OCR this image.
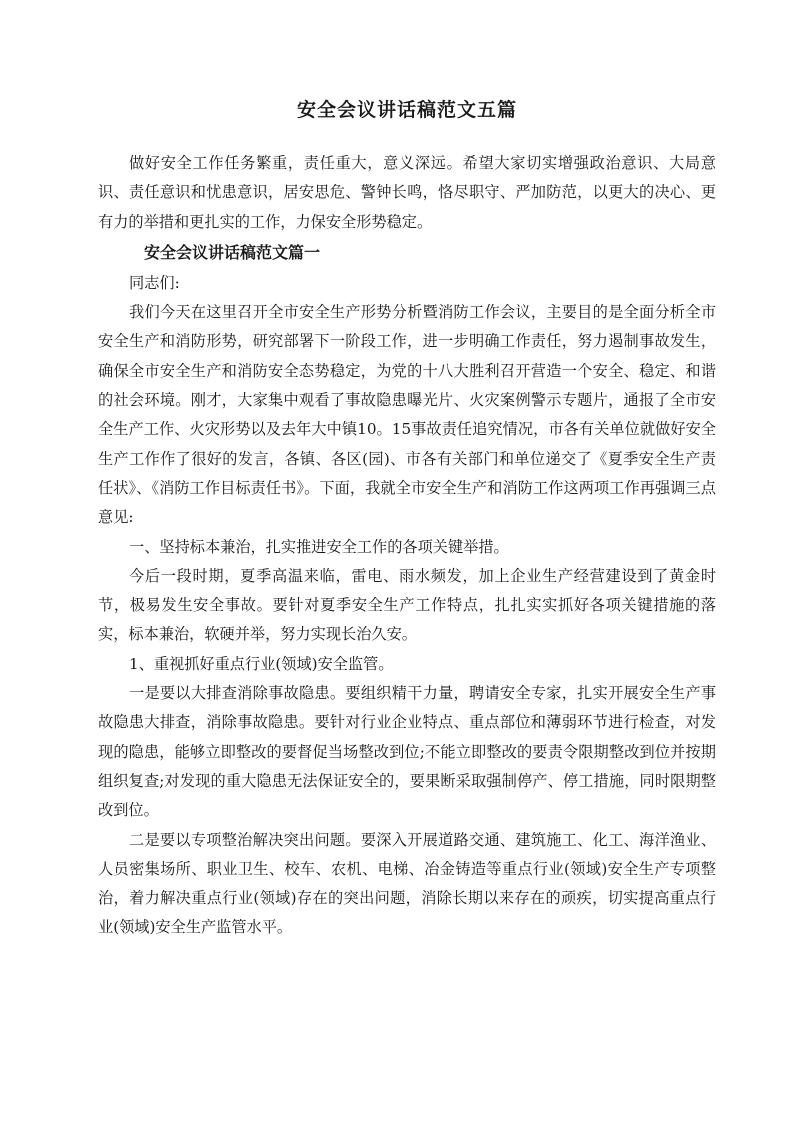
安全会议讲话稿范文五篇

做好安全工作任务繁重，责任重大，意义深远。希望大家切实增强政治意识、大局意识、责任意识和忧患意识，居安思危、警钟长鸣，恪尽职守、严加防范，以更大的决心、更有力的举措和更扎实的工作，力保安全形势稳定。

安全会议讲话稿范文篇一

同志们:

我们今天在这里召开全市安全生产形势分析暨消防工作会议，主要目的是全面分析全市安全生产和消防形势，研究部署下一阶段工作，进一步明确工作责任，努力遏制事故发生，确保全市安全生产和消防安全态势稳定，为党的十八大胜利召开营造一个安全、稳定、和谐的社会环境。刚才，大家集中观看了事故隐患曝光片、火灾案例警示专题片，通报了全市安全生产工作、火灾形势以及去年大中镇10。15事故责任追究情况，市各有关单位就做好安全生产工作作了很好的发言，各镇、各区(园)、市各有关部门和单位递交了《夏季安全生产责任状》、《消防工作目标责任书》。下面，我就全市安全生产和消防工作这两项工作再强调三点意见:

一、坚持标本兼治，扎实推进安全工作的各项关键举措。

今后一段时期，夏季高温来临，雷电、雨水频发，加上企业生产经营建设到了黄金时节，极易发生安全事故。要针对夏季安全生产工作特点，扎扎实实抓好各项关键措施的落实，标本兼治，软硬并举，努力实现长治久安。

1、重视抓好重点行业(领域)安全监管。

一是要以大排查消除事故隐患。要组织精干力量，聘请安全专家，扎实开展安全生产事故隐患大排查，消除事故隐患。要针对行业企业特点、重点部位和薄弱环节进行检查，对发现的隐患，能够立即整改的要督促当场整改到位;不能立即整改的要责令限期整改到位并按期组织复查;对发现的重大隐患无法保证安全的，要果断采取强制停产、停工措施，同时限期整改到位。

二是要以专项整治解决突出问题。要深入开展道路交通、建筑施工、化工、海洋渔业、人员密集场所、职业卫生、校车、农机、电梯、冶金铸造等重点行业(领域)安全生产专项整治，着力解决重点行业(领域)存在的突出问题，消除长期以来存在的顽疾，切实提高重点行业(领域)安全生产监管水平。
